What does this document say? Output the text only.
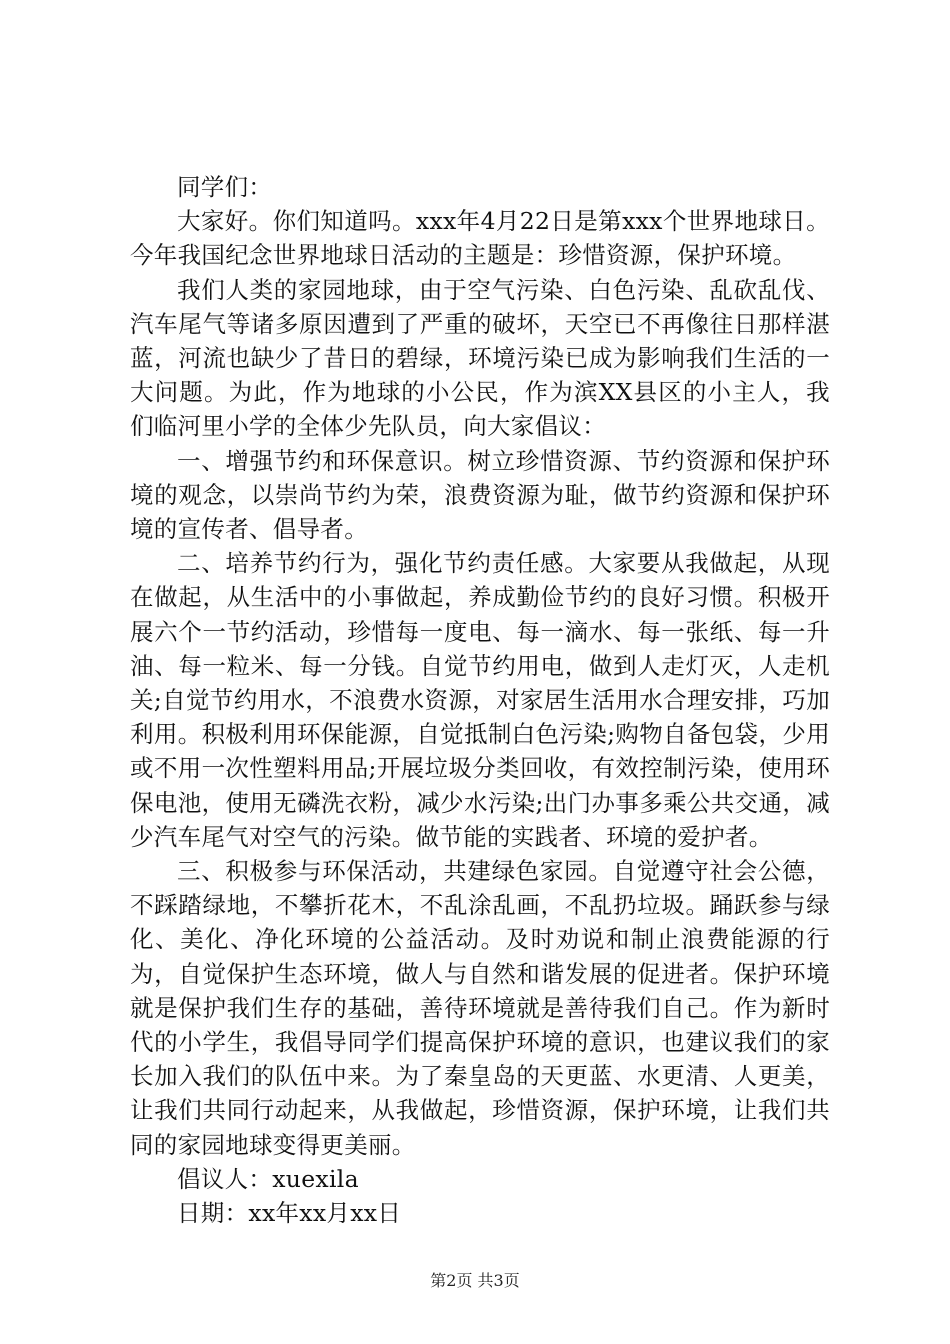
同学们：

大家好。你们知道吗。xxx年4月22日是第xxx个世界地球日。今年我国纪念世界地球日活动的主题是：珍惜资源，保护环境。

我们人类的家园地球，由于空气污染、白色污染、乱砍乱伐、汽车尾气等诸多原因遭到了严重的破坏，天空已不再像往日那样湛蓝，河流也缺少了昔日的碧绿，环境污染已成为影响我们生活的一大问题。为此，作为地球的小公民，作为滨XX县区的小主人，我们临河里小学的全体少先队员，向大家倡议：

一、增强节约和环保意识。树立珍惜资源、节约资源和保护环境的观念，以崇尚节约为荣，浪费资源为耻，做节约资源和保护环境的宣传者、倡导者。

二、培养节约行为，强化节约责任感。大家要从我做起，从现在做起，从生活中的小事做起，养成勤俭节约的良好习惯。积极开展六个一节约活动，珍惜每一度电、每一滴水、每一张纸、每一升油、每一粒米、每一分钱。自觉节约用电，做到人走灯灭，人走机关;自觉节约用水，不浪费水资源，对家居生活用水合理安排，巧加利用。积极利用环保能源，自觉抵制白色污染;购物自备包袋，少用或不用一次性塑料用品;开展垃圾分类回收，有效控制污染，使用环保电池，使用无磷洗衣粉，减少水污染;出门办事多乘公共交通，减少汽车尾气对空气的污染。做节能的实践者、环境的爱护者。

三、积极参与环保活动，共建绿色家园。自觉遵守社会公德，不踩踏绿地，不攀折花木，不乱涂乱画，不乱扔垃圾。踊跃参与绿化、美化、净化环境的公益活动。及时劝说和制止浪费能源的行为，自觉保护生态环境，做人与自然和谐发展的促进者。保护环境就是保护我们生存的基础，善待环境就是善待我们自己。作为新时代的小学生，我倡导同学们提高保护环境的意识，也建议我们的家长加入我们的队伍中来。为了秦皇岛的天更蓝、水更清、人更美，让我们共同行动起来，从我做起，珍惜资源，保护环境，让我们共同的家园地球变得更美丽。

倡议人：xuexila

日期：xx年xx月xx日

第2页 共3页
